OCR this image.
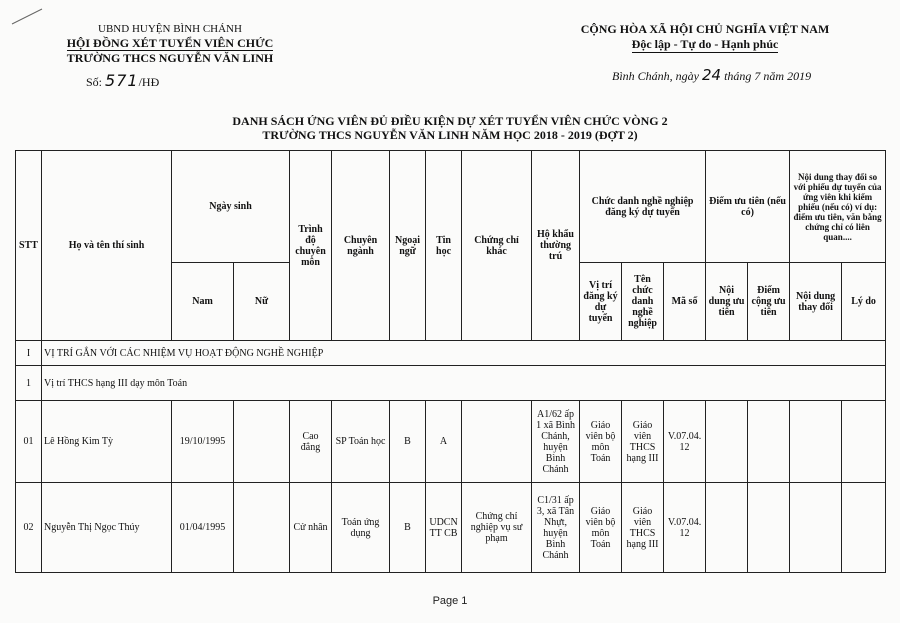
UBND HUYỆN BÌNH CHÁNH
HỘI ĐỒNG XÉT TUYỂN VIÊN CHỨC
TRƯỜNG THCS NGUYỄN VĂN LINH
Số: 571/HĐ
CỘNG HÒA XÃ HỘI CHỦ NGHĨA VIỆT NAM
Độc lập - Tự do - Hạnh phúc
Bình Chánh, ngày 24 tháng 7 năm 2019
DANH SÁCH ỨNG VIÊN ĐỦ ĐIỀU KIỆN DỰ XÉT TUYỂN VIÊN CHỨC VÒNG 2
TRƯỜNG THCS NGUYỄN VĂN LINH NĂM HỌC 2018 - 2019 (ĐỢT 2)
STT	Họ và tên thí sinh	Ngày sinh		Trình độ chuyên môn	Chuyên ngành	Ngoại ngữ	Tin học	Chứng chỉ khác	Hộ khẩu thường trú	Chức danh nghề nghiệp đăng ký dự tuyển			Điểm ưu tiên (nếu có)		Nội dung thay đổi so với phiếu dự tuyển của ứng viên khi kiểm phiếu (nếu có) ví dụ: điểm ưu tiên, văn bằng chứng chỉ có liên quan....	
		Nam	Nữ							Vị trí đăng ký dự tuyển	Tên chức danh nghề nghiệp	Mã số	Nội dung ưu tiên	Điểm cộng ưu tiên	Nội dung thay đổi	Lý do
I	VỊ TRÍ GẮN VỚI CÁC NHIỆM VỤ HOẠT ĐỘNG NGHỀ NGHIỆP															
1	Vị trí THCS hạng III dạy môn Toán															
01	Lê Hồng Kim Tỳ	19/10/1995		Cao đẳng	SP Toán học	B	A		A1/62 ấp 1 xã Bình Chánh, huyện Bình Chánh	Giáo viên bộ môn Toán	Giáo viên THCS hạng III	V.07.04.12				
02	Nguyễn Thị Ngọc Thúy	01/04/1995		Cử nhân	Toán ứng dụng	B	UDCNTT CB	Chứng chỉ nghiệp vụ sư phạm	C1/31 ấp 3, xã Tân Nhựt, huyện Bình Chánh	Giáo viên bộ môn Toán	Giáo viên THCS hạng III	V.07.04.12				
Page 1
